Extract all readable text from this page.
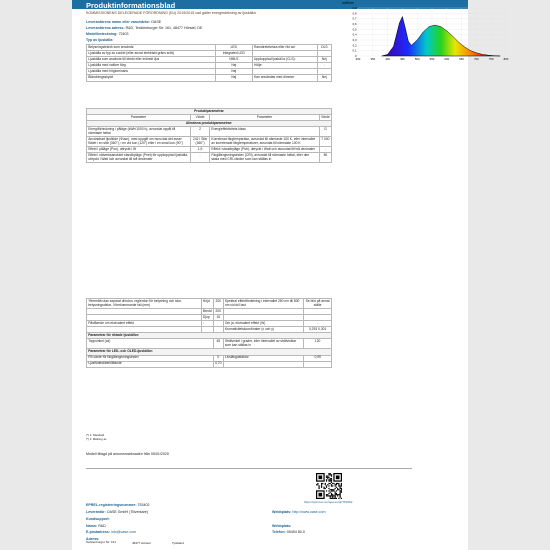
Produktinformationsblad
KOMMISSIONENS DELEGERADE FÖRORDNING (EU) 2019/2015 vad gäller energimärkning av ljuskällor
Leverantörens namn eller varumärke: OASE
Leverantörens adress: R&D, Tecklenburger Str. 161, 48477 Hörstel, DE
Modellbeteckning: 72403
Typ av ljuskälla:
mW/nm
0,9
0,8
0,7
0,6
0,5
0,4
0,3
0,2
0,1
0
300	350	400	450	500	550	600	650	700	750	800
Belysningsteknik som används:	LED	Ramdirektiv/ska eller rikt ad:	DLS
Ljuskälla av typ av sockel (eller annat elektriskt gräns snitt)	Integrated LED		
Ljuskälla som används till direkt eller indirekt ljus	NMLS	Uppkopplad ljuskäl la (CLS):	Nej
Ljuskälla med valfoer färg	Nej	Hölje:	-
Ljuskälla med högluminans	Nej		
Bländningsskydd	Nej	Kan användas med dimmer	Nej
Produktparametrar			
Parameter	Värde	Parameter	Värde
Allmänna produktparametrar:			
Energiförbrukning i påläge (kWh/1000 h), avrundat uppåt till närmaste heltal	2	Energieffektivitets klass	G
Användbart ljusflöde (Φuse), med uppgift om huruvida det avser flödet i en sfär (360°), i en vid kon (120°) eller i en smal kon (90°)	242 i Sfär (360°)	Korrelerad färgtemperatur, avrundat till närmaste 100 K, eller intervallet av korrelerade färgtemperaturer, avrundat till närmaste 100 K	7 000
Effekt i påläge (Pon), uttryckt i W	1,9	Effekt i standbyläge (Psb), uttryckt i Watt och avrundat till två decimaler	-
Effekt i nätverksanslutet standbyläge (Pnet) för uppkopplad ljuskälla, uttryckt i Watt och avrundat till två decimaler	-	Färgåtergivningsindex (CRI), avrundat till närmaste heltal, eller den skala med CRI-värden som kan ställas in	80
Yttermått utan separat drivdon, reglerdon för belysning och icke-belysningsdelar, i förekommande fall (mm)	Höjd	200	Spektral effektfördelning i intervallet 250 nm till 800 nm vid full last	Se bild på annat ställe
	Bredd	200		
	Djup	15		
Påstående om ekvivalent effekt	-		Om ja, ekvivalent effekt (W)	-
			Kromaticitetskoordinater (x och y)	0,293 0,301
Parametrar för riktade ljuskällor:				
Toppvinkel (cd)		45	Strålvinkel i grader, eller intervallet av strålvinklar som kan ställas in	120
Parametrar för LED- och OLED-ljuskällor:				
R9-värde för färgåtergivningsindex		0	Livslängdsfaktor	0,99
Ljusflödesbibehållande		0,70		
(*) 1: Standard
(*) 2: Mätning av
Modell tillagd på annonsmarknaden från 05/01/2020
https://eprel.ec.europa.eu/qr/753402
EPREL-registreringsnummer: 753402
Leverantör: OASE GmbH (Tillverkare)	Webbplats: http://www.oase.com
Kundsupport:
Namn: R&D	Webbplats:
E-postadress: info@oase.com	Telefon: 05454 80-0
Adress:
Tecklenburger Str. 161	48477 Hörstel	Tyskland
